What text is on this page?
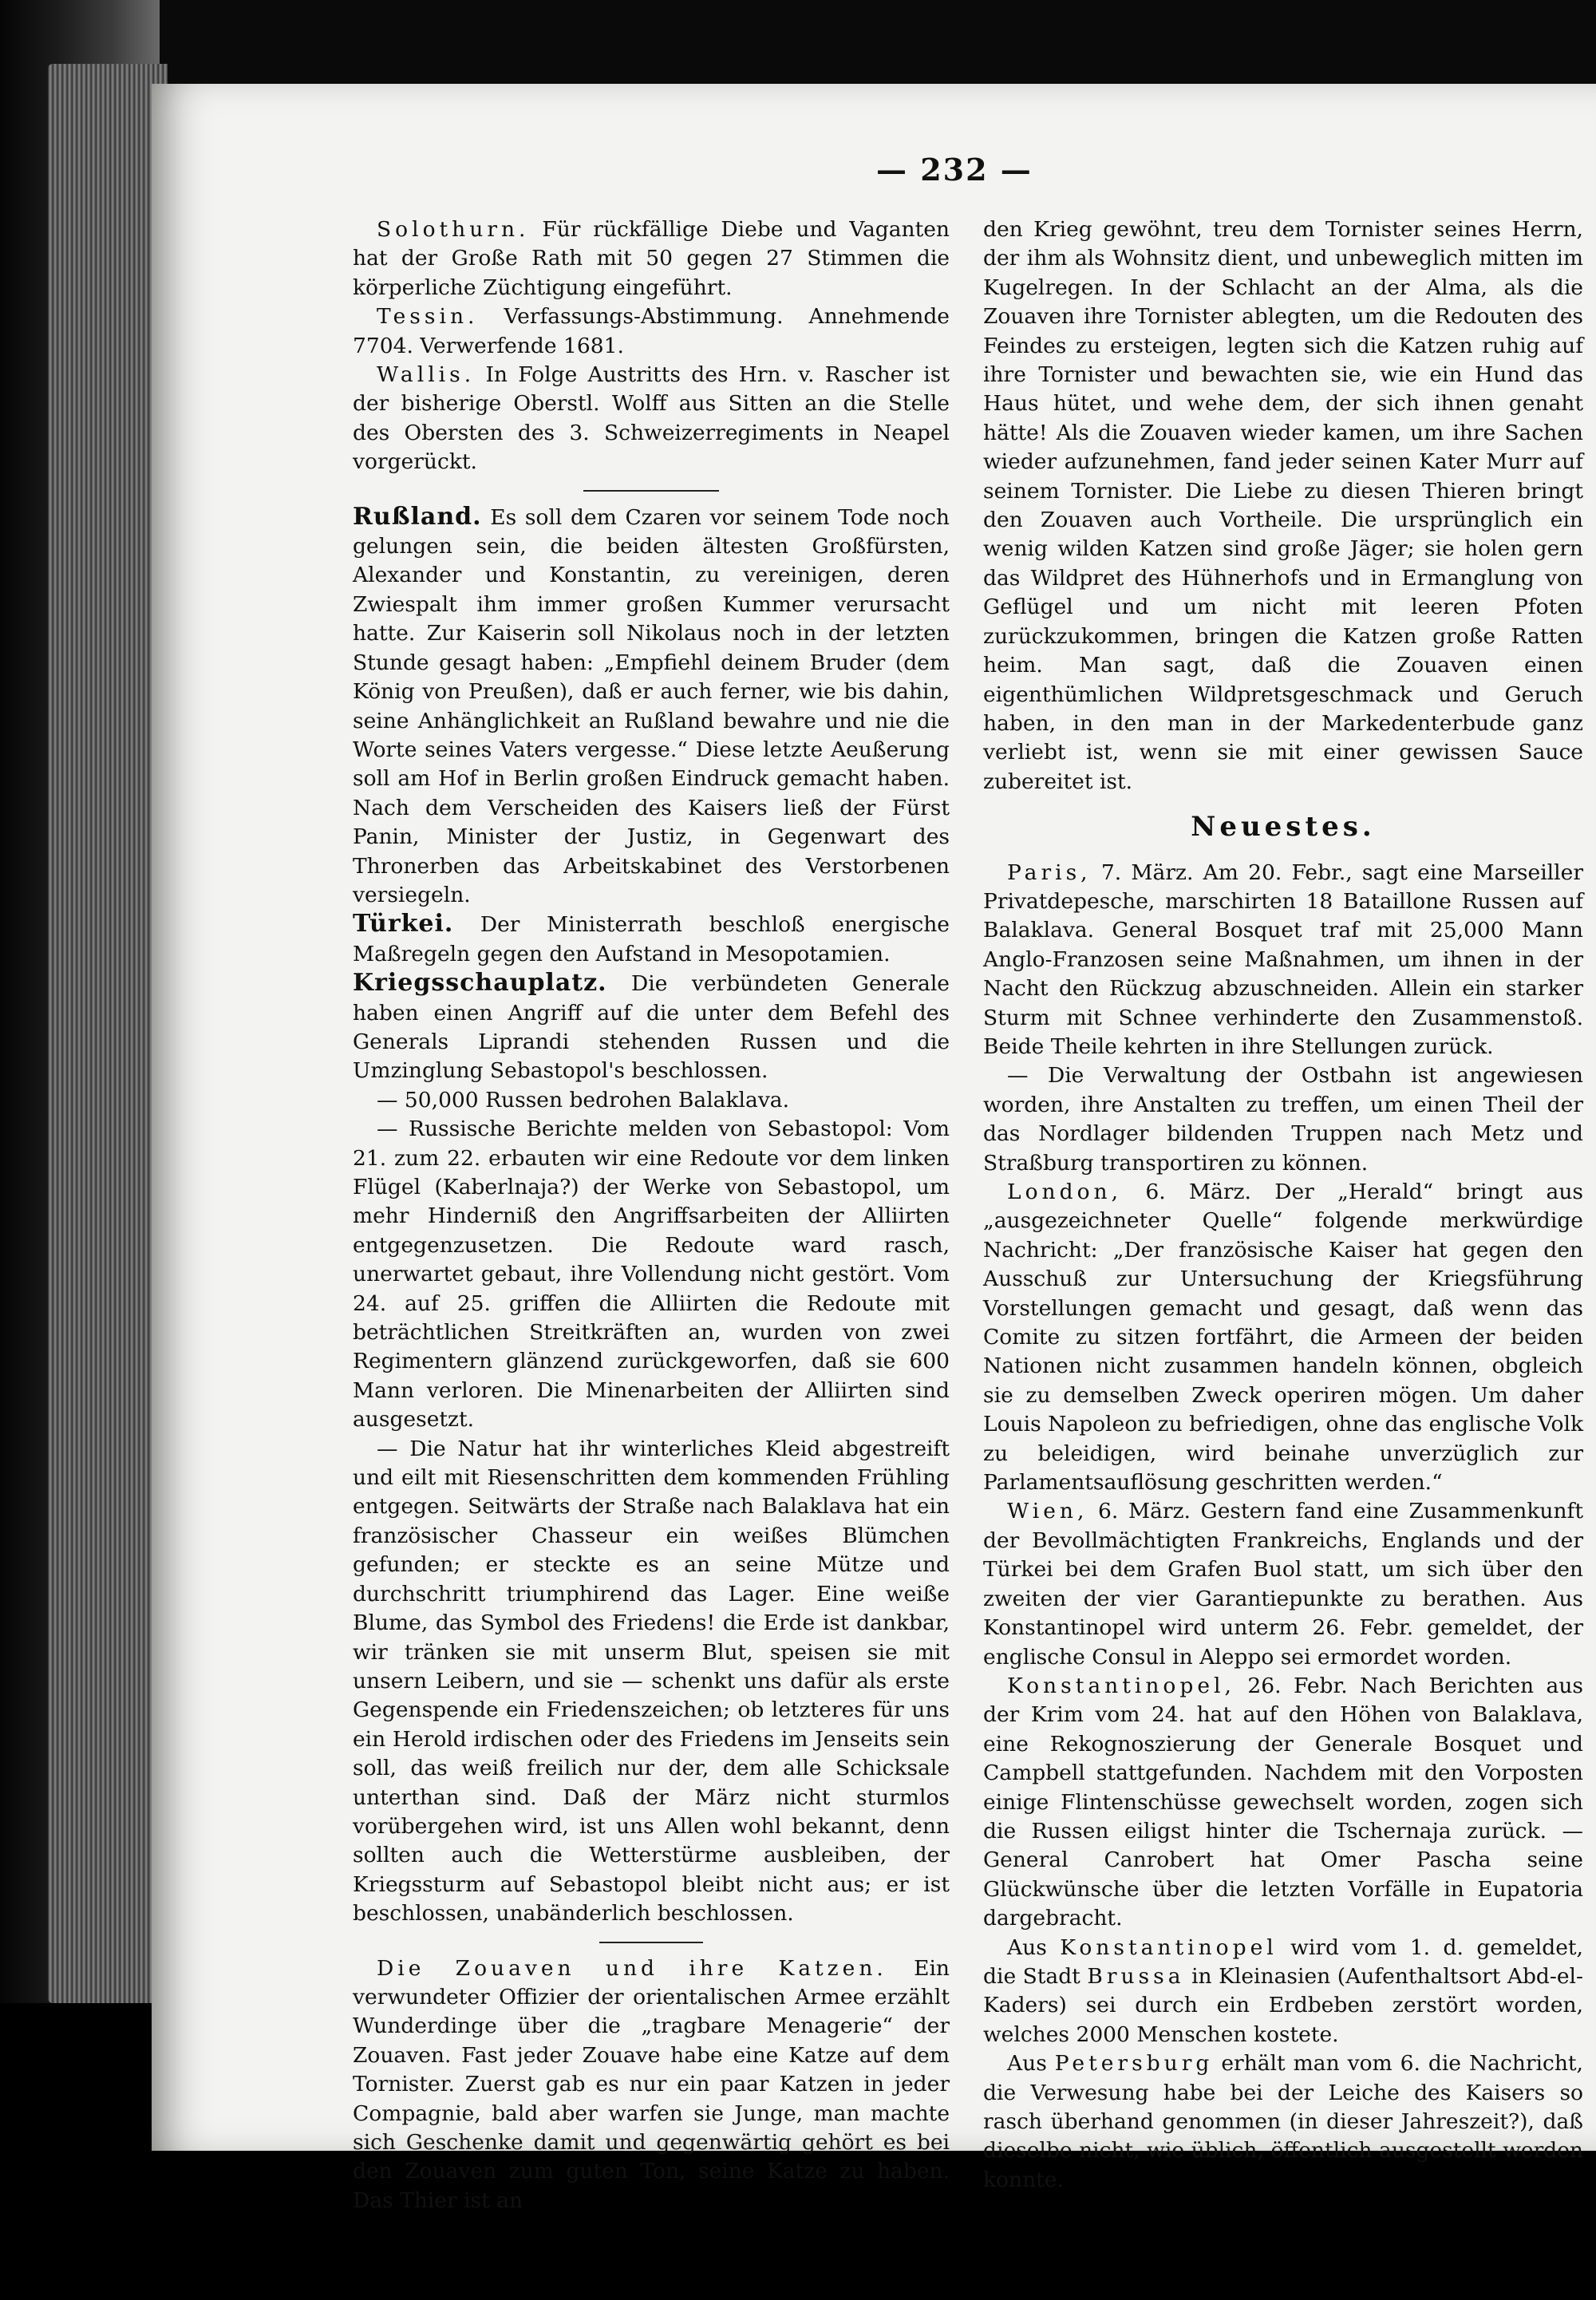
— 232 —

Solothurn. Für rückfällige Diebe und Vaganten hat der Große Rath mit 50 gegen 27 Stimmen die körperliche Züchtigung eingeführt.

Tessin. Verfassungs-Abstimmung. Annehmende 7704. Verwerfende 1681.

Wallis. In Folge Austritts des Hrn. v. Rascher ist der bisherige Oberstl. Wolff aus Sitten an die Stelle des Obersten des 3. Schweizerregiments in Neapel vorgerückt.

Rußland. Es soll dem Czaren vor seinem Tode noch gelungen sein, die beiden ältesten Großfürsten, Alexander und Konstantin, zu vereinigen, deren Zwiespalt ihm immer großen Kummer verursacht hatte. Zur Kaiserin soll Nikolaus noch in der letzten Stunde gesagt haben: „Empfiehl deinem Bruder (dem König von Preußen), daß er auch ferner, wie bis dahin, seine Anhänglichkeit an Rußland bewahre und nie die Worte seines Vaters vergesse.“ Diese letzte Aeußerung soll am Hof in Berlin großen Eindruck gemacht haben. Nach dem Verscheiden des Kaisers ließ der Fürst Panin, Minister der Justiz, in Gegenwart des Thronerben das Arbeitskabinet des Verstorbenen versiegeln.

Türkei. Der Ministerrath beschloß energische Maßregeln gegen den Aufstand in Mesopotamien.

Kriegsschauplatz. Die verbündeten Generale haben einen Angriff auf die unter dem Befehl des Generals Liprandi stehenden Russen und die Umzinglung Sebastopol's beschlossen.

— 50,000 Russen bedrohen Balaklava.

— Russische Berichte melden von Sebastopol: Vom 21. zum 22. erbauten wir eine Redoute vor dem linken Flügel (Kaberlnaja?) der Werke von Sebastopol, um mehr Hinderniß den Angriffsarbeiten der Alliirten entgegenzusetzen. Die Redoute ward rasch, unerwartet gebaut, ihre Vollendung nicht gestört. Vom 24. auf 25. griffen die Alliirten die Redoute mit beträchtlichen Streitkräften an, wurden von zwei Regimentern glänzend zurückgeworfen, daß sie 600 Mann verloren. Die Minenarbeiten der Alliirten sind ausgesetzt.

— Die Natur hat ihr winterliches Kleid abgestreift und eilt mit Riesenschritten dem kommenden Frühling entgegen. Seitwärts der Straße nach Balaklava hat ein französischer Chasseur ein weißes Blümchen gefunden; er steckte es an seine Mütze und durchschritt triumphirend das Lager. Eine weiße Blume, das Symbol des Friedens! die Erde ist dankbar, wir tränken sie mit unserm Blut, speisen sie mit unsern Leibern, und sie — schenkt uns dafür als erste Gegenspende ein Friedenszeichen; ob letzteres für uns ein Herold irdischen oder des Friedens im Jenseits sein soll, das weiß freilich nur der, dem alle Schicksale unterthan sind. Daß der März nicht sturmlos vorübergehen wird, ist uns Allen wohl bekannt, denn sollten auch die Wetterstürme ausbleiben, der Kriegssturm auf Sebastopol bleibt nicht aus; er ist beschlossen, unabänderlich beschlossen.

Die Zouaven und ihre Katzen. Ein verwundeter Offizier der orientalischen Armee erzählt Wunderdinge über die „tragbare Menagerie“ der Zouaven. Fast jeder Zouave habe eine Katze auf dem Tornister. Zuerst gab es nur ein paar Katzen in jeder Compagnie, bald aber warfen sie Junge, man machte sich Geschenke damit und gegenwärtig gehört es bei den Zouaven zum guten Ton, seine Katze zu haben. Das Thier ist an

den Krieg gewöhnt, treu dem Tornister seines Herrn, der ihm als Wohnsitz dient, und unbeweglich mitten im Kugelregen. In der Schlacht an der Alma, als die Zouaven ihre Tornister ablegten, um die Redouten des Feindes zu ersteigen, legten sich die Katzen ruhig auf ihre Tornister und bewachten sie, wie ein Hund das Haus hütet, und wehe dem, der sich ihnen genaht hätte! Als die Zouaven wieder kamen, um ihre Sachen wieder aufzunehmen, fand jeder seinen Kater Murr auf seinem Tornister. Die Liebe zu diesen Thieren bringt den Zouaven auch Vortheile. Die ursprünglich ein wenig wilden Katzen sind große Jäger; sie holen gern das Wildpret des Hühnerhofs und in Ermanglung von Geflügel und um nicht mit leeren Pfoten zurückzukommen, bringen die Katzen große Ratten heim. Man sagt, daß die Zouaven einen eigenthümlichen Wildpretsgeschmack und Geruch haben, in den man in der Markedenterbude ganz verliebt ist, wenn sie mit einer gewissen Sauce zubereitet ist.

Neuestes.

Paris, 7. März. Am 20. Febr., sagt eine Marseiller Privatdepesche, marschirten 18 Bataillone Russen auf Balaklava. General Bosquet traf mit 25,000 Mann Anglo-Franzosen seine Maßnahmen, um ihnen in der Nacht den Rückzug abzuschneiden. Allein ein starker Sturm mit Schnee verhinderte den Zusammenstoß. Beide Theile kehrten in ihre Stellungen zurück.

— Die Verwaltung der Ostbahn ist angewiesen worden, ihre Anstalten zu treffen, um einen Theil der das Nordlager bildenden Truppen nach Metz und Straßburg transportiren zu können.

London, 6. März. Der „Herald“ bringt aus „ausgezeichneter Quelle“ folgende merkwürdige Nachricht: „Der französische Kaiser hat gegen den Ausschuß zur Untersuchung der Kriegsführung Vorstellungen gemacht und gesagt, daß wenn das Comite zu sitzen fortfährt, die Armeen der beiden Nationen nicht zusammen handeln können, obgleich sie zu demselben Zweck operiren mögen. Um daher Louis Napoleon zu befriedigen, ohne das englische Volk zu beleidigen, wird beinahe unverzüglich zur Parlamentsauflösung geschritten werden.“

Wien, 6. März. Gestern fand eine Zusammenkunft der Bevollmächtigten Frankreichs, Englands und der Türkei bei dem Grafen Buol statt, um sich über den zweiten der vier Garantiepunkte zu berathen. Aus Konstantinopel wird unterm 26. Febr. gemeldet, der englische Consul in Aleppo sei ermordet worden.

Konstantinopel, 26. Febr. Nach Berichten aus der Krim vom 24. hat auf den Höhen von Balaklava, eine Rekognoszierung der Generale Bosquet und Campbell stattgefunden. Nachdem mit den Vorposten einige Flintenschüsse gewechselt worden, zogen sich die Russen eiligst hinter die Tschernaja zurück. — General Canrobert hat Omer Pascha seine Glückwünsche über die letzten Vorfälle in Eupatoria dargebracht.

Aus Konstantinopel wird vom 1. d. gemeldet, die Stadt Brussa in Kleinasien (Aufenthaltsort Abd-el-Kaders) sei durch ein Erdbeben zerstört worden, welches 2000 Menschen kostete.

Aus Petersburg erhält man vom 6. die Nachricht, die Verwesung habe bei der Leiche des Kaisers so rasch überhand genommen (in dieser Jahreszeit?), daß dieselbe nicht, wie üblich, öffentlich ausgestellt werden konnte.
